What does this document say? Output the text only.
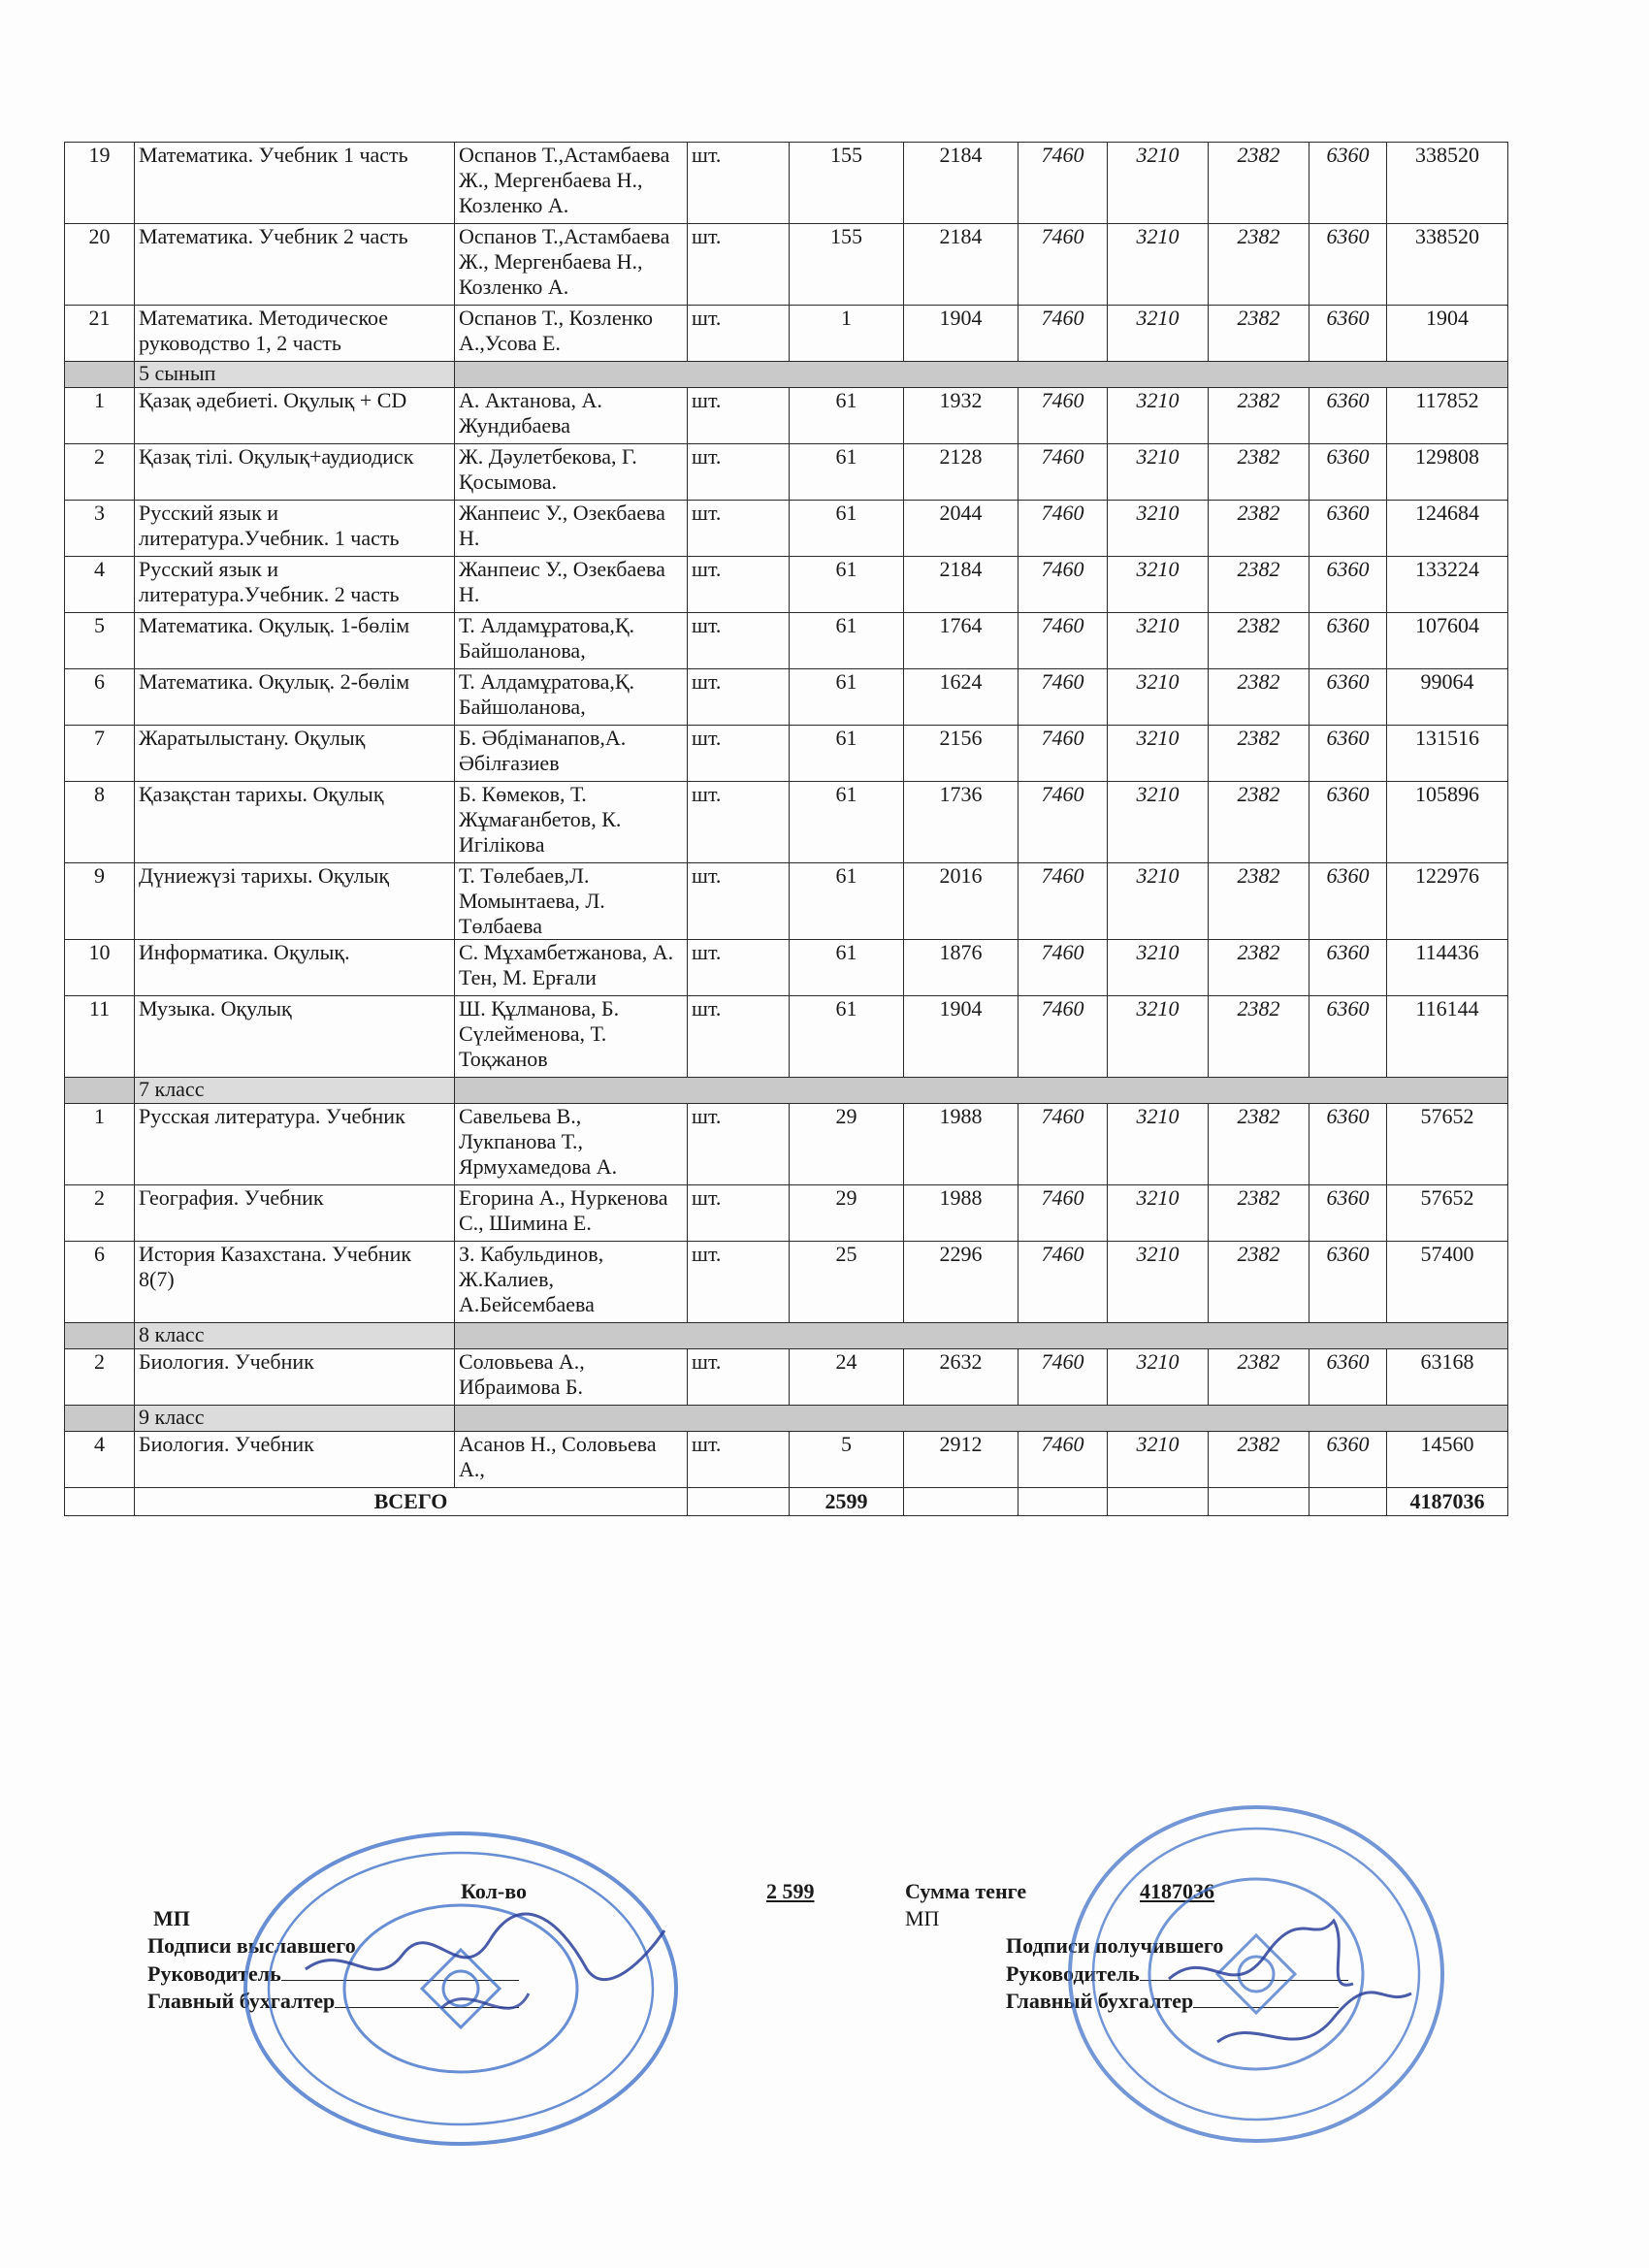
19	Математика. Учебник 1 часть	Оспанов Т.,Астамбаева Ж., Мергенбаева Н., Козленко А.	шт.	155	2184	7460	3210	2382	6360	338520
20	Математика. Учебник 2 часть	Оспанов Т.,Астамбаева Ж., Мергенбаева Н., Козленко А.	шт.	155	2184	7460	3210	2382	6360	338520
21	Математика. Методическое руководство 1, 2 часть	Оспанов Т., Козленко А.,Усова Е.	шт.	1	1904	7460	3210	2382	6360	1904
	5 сынып									
1	Қазақ әдебиеті. Оқулық + CD	А. Актанова, А. Жундибаева	шт.	61	1932	7460	3210	2382	6360	117852
2	Қазақ тілі. Оқулық+аудиодиск	Ж. Дәулетбекова, Г. Қосымова.	шт.	61	2128	7460	3210	2382	6360	129808
3	Русский язык и литература.Учебник. 1 часть	Жанпеис У., Озекбаева Н.	шт.	61	2044	7460	3210	2382	6360	124684
4	Русский язык и литература.Учебник. 2 часть	Жанпеис У., Озекбаева Н.	шт.	61	2184	7460	3210	2382	6360	133224
5	Математика. Оқулық. 1-бөлім	Т. Алдамұратова,Қ. Байшоланова,	шт.	61	1764	7460	3210	2382	6360	107604
6	Математика. Оқулық. 2-бөлім	Т. Алдамұратова,Қ. Байшоланова,	шт.	61	1624	7460	3210	2382	6360	99064
7	Жаратылыстану. Оқулық	Б. Әбдіманапов,А. Әбілғазиев	шт.	61	2156	7460	3210	2382	6360	131516
8	Қазақстан тарихы. Оқулық	Б. Көмеков, Т. Жұмағанбетов, К. Игілікова	шт.	61	1736	7460	3210	2382	6360	105896
9	Дүниежүзі тарихы. Оқулық	Т. Төлебаев,Л. Момынтаева, Л. Төлбаева	шт.	61	2016	7460	3210	2382	6360	122976
10	Информатика. Оқулық.	С. Мұхамбетжанова, А. Тен, М. Ерғали	шт.	61	1876	7460	3210	2382	6360	114436
11	Музыка. Оқулық	Ш. Құлманова, Б. Сүлейменова, Т. Тоқжанов	шт.	61	1904	7460	3210	2382	6360	116144
	7 класс									
1	Русская литература. Учебник	Савельева В., Лукпанова Т., Ярмухамедова А.	шт.	29	1988	7460	3210	2382	6360	57652
2	География. Учебник	Егорина А., Нуркенова С., Шимина Е.	шт.	29	1988	7460	3210	2382	6360	57652
6	История Казахстана. Учебник 8(7)	З. Кабульдинов, Ж.Калиев, А.Бейсембаева	шт.	25	2296	7460	3210	2382	6360	57400
	8 класс									
2	Биология. Учебник	Соловьева А., Ибраимова Б.	шт.	24	2632	7460	3210	2382	6360	63168
	9 класс									
4	Биология. Учебник	Асанов Н., Соловьева А.,	шт.	5	2912	7460	3210	2382	6360	14560
	ВСЕГО			2599						4187036
МП
Кол-во	2 599	Сумма тенге	4187036
МП
Подписи выславшего
Руководитель
Главный бухгалтер
Подписи получившего
Руководитель
Главный бухгалтер
